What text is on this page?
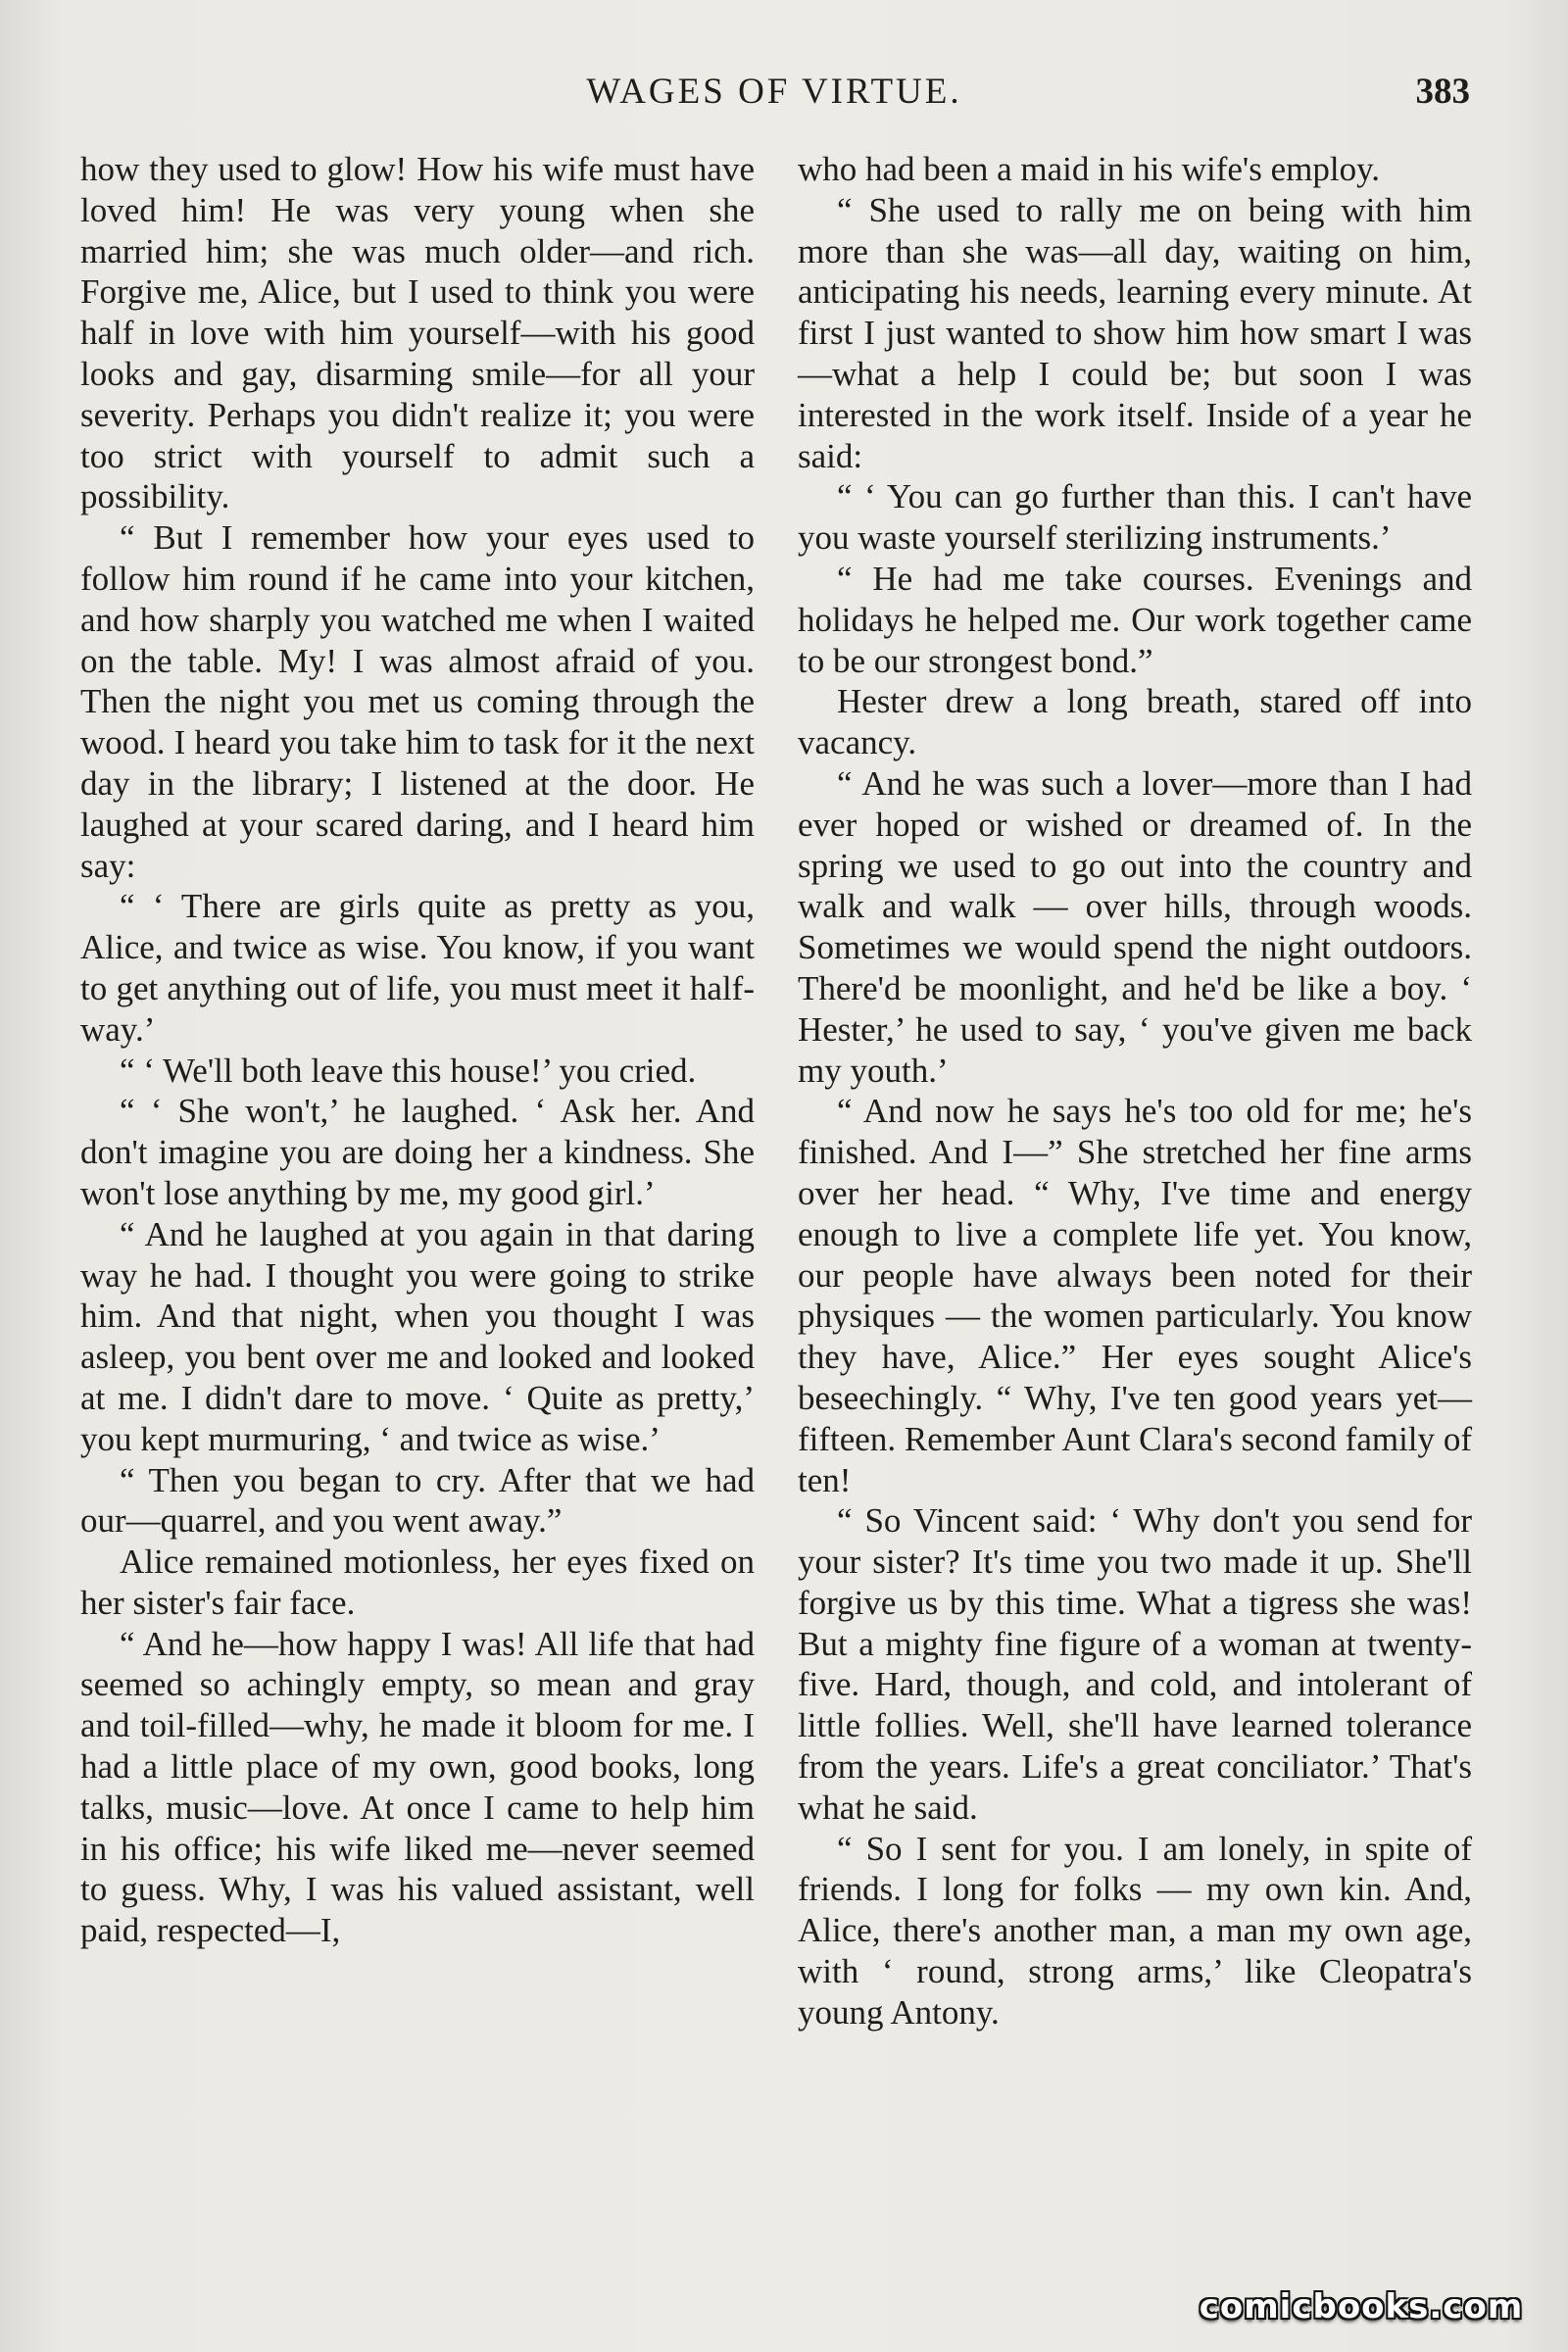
WAGES OF VIRTUE.	383

how they used to glow! How his wife must have loved him! He was very young when she married him; she was much older—and rich. Forgive me, Alice, but I used to think you were half in love with him yourself—with his good looks and gay, disarming smile—for all your severity. Perhaps you didn't realize it; you were too strict with yourself to admit such a possibility.

“ But I remember how your eyes used to follow him round if he came into your kitchen, and how sharply you watched me when I waited on the table. My! I was almost afraid of you. Then the night you met us coming through the wood. I heard you take him to task for it the next day in the library; I listened at the door. He laughed at your scared daring, and I heard him say:

“ ‘ There are girls quite as pretty as you, Alice, and twice as wise. You know, if you want to get anything out of life, you must meet it half-way.’

“ ‘ We'll both leave this house!’ you cried.

“ ‘ She won't,’ he laughed. ‘ Ask her. And don't imagine you are doing her a kindness. She won't lose anything by me, my good girl.’

“ And he laughed at you again in that daring way he had. I thought you were going to strike him. And that night, when you thought I was asleep, you bent over me and looked and looked at me. I didn't dare to move. ‘ Quite as pretty,’ you kept murmuring, ‘ and twice as wise.’

“ Then you began to cry. After that we had our—quarrel, and you went away.”

Alice remained motionless, her eyes fixed on her sister's fair face.

“ And he—how happy I was! All life that had seemed so achingly empty, so mean and gray and toil-filled—why, he made it bloom for me. I had a little place of my own, good books, long talks, music—love. At once I came to help him in his office; his wife liked me—never seemed to guess. Why, I was his valued assistant, well paid, respected—I,

who had been a maid in his wife's employ.

“ She used to rally me on being with him more than she was—all day, waiting on him, anticipating his needs, learning every minute. At first I just wanted to show him how smart I was—what a help I could be; but soon I was interested in the work itself. Inside of a year he said:

“ ‘ You can go further than this. I can't have you waste yourself sterilizing instruments.’

“ He had me take courses. Evenings and holidays he helped me. Our work together came to be our strongest bond.”

Hester drew a long breath, stared off into vacancy.

“ And he was such a lover—more than I had ever hoped or wished or dreamed of. In the spring we used to go out into the country and walk and walk — over hills, through woods. Sometimes we would spend the night outdoors. There'd be moonlight, and he'd be like a boy. ‘ Hester,’ he used to say, ‘ you've given me back my youth.’

“ And now he says he's too old for me; he's finished. And I—” She stretched her fine arms over her head. “ Why, I've time and energy enough to live a complete life yet. You know, our people have always been noted for their physiques — the women particularly. You know they have, Alice.” Her eyes sought Alice's beseechingly. “ Why, I've ten good years yet—fifteen. Remember Aunt Clara's second family of ten!

“ So Vincent said: ‘ Why don't you send for your sister? It's time you two made it up. She'll forgive us by this time. What a tigress she was! But a mighty fine figure of a woman at twenty-five. Hard, though, and cold, and intolerant of little follies. Well, she'll have learned tolerance from the years. Life's a great conciliator.’ That's what he said.

“ So I sent for you. I am lonely, in spite of friends. I long for folks — my own kin. And, Alice, there's another man, a man my own age, with ‘ round, strong arms,’ like Cleopatra's young Antony.

comicbooks.com
